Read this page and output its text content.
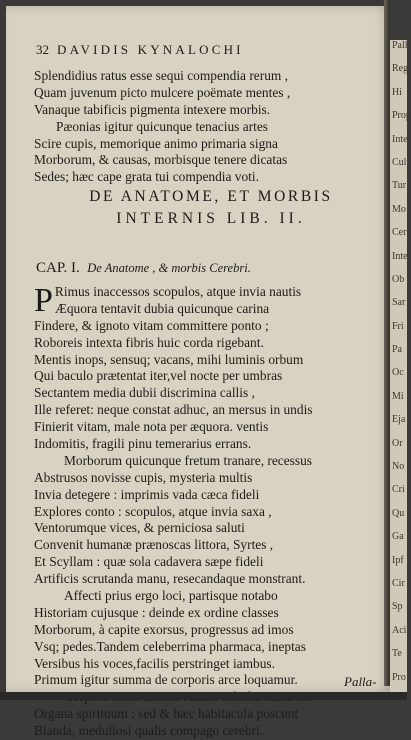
32 DAVIDIS KYNALOCHI
Splendidius ratus esse sequi compendia rerum ,
Quam juvenum picto mulcere poëmate mentes ,
Vanaque tabificis pigmenta intexere morbis.
Pæonias igitur quicunque tenacius artes
Scire cupis, memorique animo primaria signa
Morborum, & causas, morbisque tenere dicatas
Sedes; hæc cape grata tui compendia voti.
DE ANATOME, ET MORBIS
INTERNIS LIB. II.
CAP. I. De Anatome , & morbis Cerebri.
P Rimus inaccessos scopulos, atque invia nautis
Æquora tentavit dubia quicunque carina
Findere, & ignoto vitam committere ponto ;
Roboreis intexta fibris huic corda rigebant.
Mentis inops, sensuq; vacans, mihi luminis orbum
Qui baculo prætentat iter,vel nocte per umbras
Sectantem media dubii discrimina callis ,
Ille referet: neque constat adhuc, an mersus in undis
Finierit vitam, male nota per æquora. ventis
Indomitis, fragili pinu temerarius errans.
Morborum quicunque fretum tranare, recessus
Abstrusos novisse cupis, mysteria multis
Invia detegere : imprimis vada cæca fideli
Explores conto : scopulos, atque invia saxa ,
Ventorumque vices, & perniciosa saluti
Convenit humanæ prænoscas littora, Syrtes ,
Et Scyllam : quæ sola cadavera sæpe fideli
Artificis scrutanda manu, resecandaque monstrant.
Affecti prius ergo loci, partisque notabo
Historiam cujusque : deinde ex ordine classes
Morborum, à capite exorsus, progressus ad imos
Vsq; pedes.Tandem celeberrima pharmaca, ineptas
Versibus his voces,facilis perstringet iambus.
Primum igitur summa de corporis arce loquamur.
Organa spirituum : sed & hæc habitacula poscunt
Blanda, medullosi qualis compago cerebri.
Palla-
Pall
Reg
Hi
Prop
Inte
Cul
Tur
Mo
Cer
Inte
Ob
Sar
Fri
Pa
Oc
Mi
Eja
Or
No
Cri
Qu
Ga
Ipf
Cir
Sp
Aci
Te
Pro
